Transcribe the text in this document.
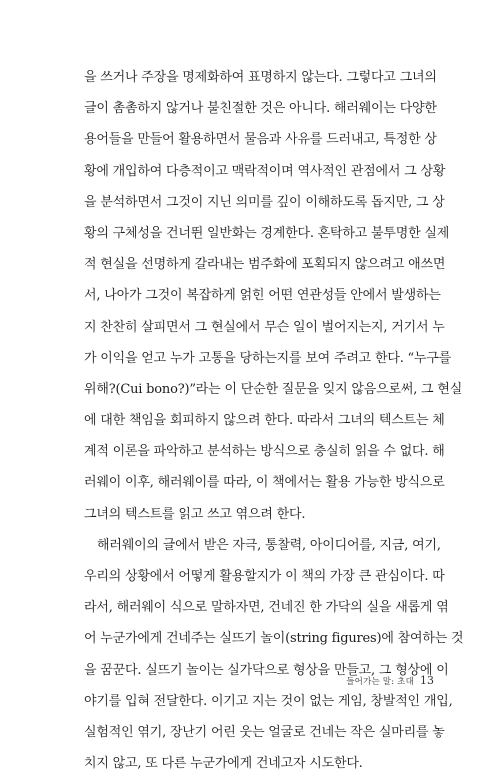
을 쓰거나 주장을 명제화하여 표명하지 않는다. 그렇다고 그녀의
글이 촘촘하지 않거나 불친절한 것은 아니다. 해러웨이는 다양한
용어들을 만들어 활용하면서 물음과 사유를 드러내고, 특정한 상
황에 개입하여 다층적이고 맥락적이며 역사적인 관점에서 그 상황
을 분석하면서 그것이 지닌 의미를 깊이 이해하도록 돕지만, 그 상
황의 구체성을 건너뛴 일반화는 경계한다. 혼탁하고 불투명한 실제
적 현실을 선명하게 갈라내는 범주화에 포획되지 않으려고 애쓰면
서, 나아가 그것이 복잡하게 얽힌 어떤 연관성들 안에서 발생하는
지 찬찬히 살피면서 그 현실에서 무슨 일이 벌어지는지, 거기서 누
가 이익을 얻고 누가 고통을 당하는지를 보여 주려고 한다. “누구를
위해?(Cui bono?)”라는 이 단순한 질문을 잊지 않음으로써, 그 현실
에 대한 책임을 회피하지 않으려 한다. 따라서 그녀의 텍스트는 체
계적 이론을 파악하고 분석하는 방식으로 충실히 읽을 수 없다. 해
러웨이 이후, 해러웨이를 따라, 이 책에서는 활용 가능한 방식으로
그녀의 텍스트를 읽고 쓰고 엮으려 한다.
해러웨이의 글에서 받은 자극, 통찰력, 아이디어를, 지금, 여기,
우리의 상황에서 어떻게 활용할지가 이 책의 가장 큰 관심이다. 따
라서, 해러웨이 식으로 말하자면, 건네진 한 가닥의 실을 새롭게 엮
어 누군가에게 건네주는 실뜨기 놀이(string figures)에 참여하는 것
을 꿈꾼다. 실뜨기 놀이는 실가닥으로 형상을 만들고, 그 형상에 이
야기를 입혀 전달한다. 이기고 지는 것이 없는 게임, 창발적인 개입,
실험적인 엮기, 장난기 어린 웃는 얼굴로 건네는 작은 실마리를 놓
치지 않고, 또 다른 누군가에게 건네고자 시도한다.
들어가는 말: 초대 13
